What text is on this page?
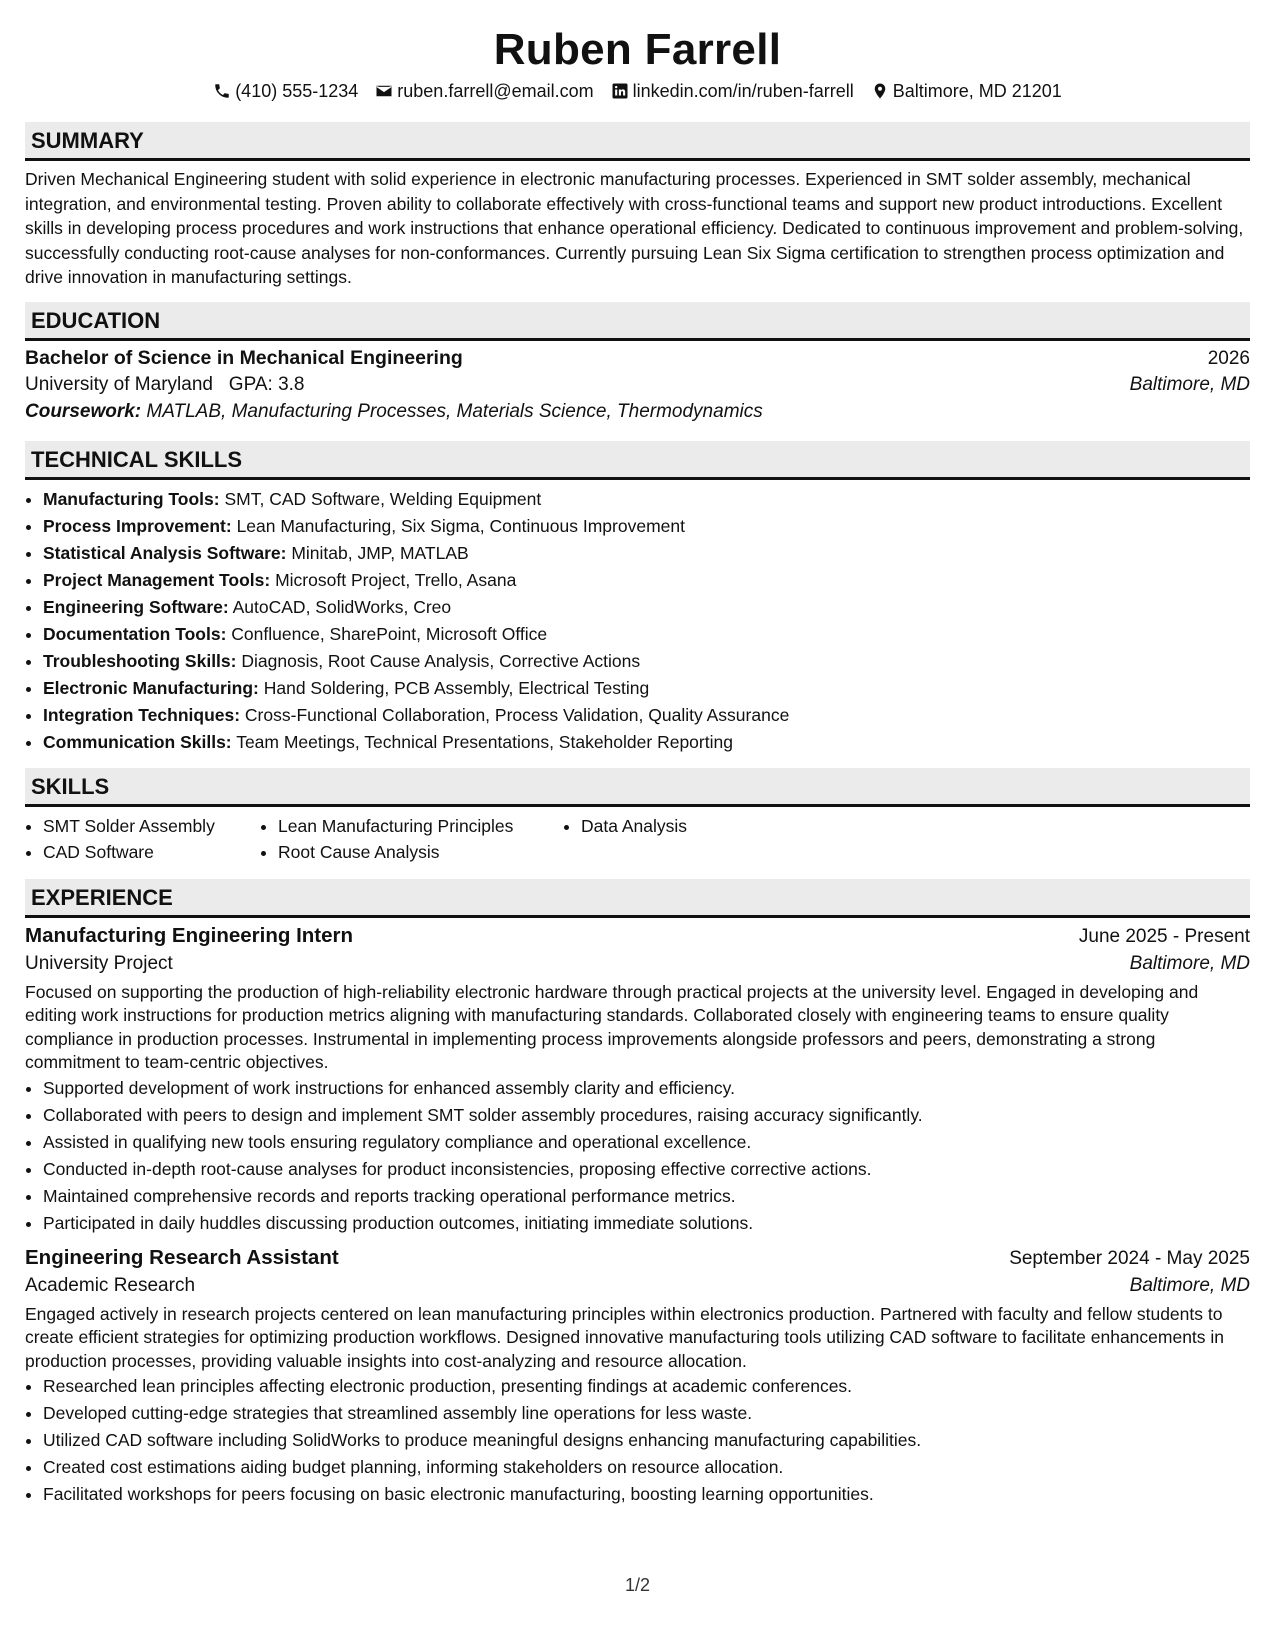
Ruben Farrell
(410) 555-1234 ruben.farrell@email.com linkedin.com/in/ruben-farrell Baltimore, MD 21201
SUMMARY

Driven Mechanical Engineering student with solid experience in electronic manufacturing processes. Experienced in SMT solder assembly, mechanical integration, and environmental testing. Proven ability to collaborate effectively with cross-functional teams and support new product introductions. Excellent skills in developing process procedures and work instructions that enhance operational efficiency. Dedicated to continuous improvement and problem-solving, successfully conducting root-cause analyses for non-conformances. Currently pursuing Lean Six Sigma certification to strengthen process optimization and drive innovation in manufacturing settings.

EDUCATION
Bachelor of Science in Mechanical Engineering	2026
University of Maryland GPA: 3.8	Baltimore, MD
Coursework: MATLAB, Manufacturing Processes, Materials Science, Thermodynamics
TECHNICAL SKILLS
• Manufacturing Tools: SMT, CAD Software, Welding Equipment
• Process Improvement: Lean Manufacturing, Six Sigma, Continuous Improvement
• Statistical Analysis Software: Minitab, JMP, MATLAB
• Project Management Tools: Microsoft Project, Trello, Asana
• Engineering Software: AutoCAD, SolidWorks, Creo
• Documentation Tools: Confluence, SharePoint, Microsoft Office
• Troubleshooting Skills: Diagnosis, Root Cause Analysis, Corrective Actions
• Electronic Manufacturing: Hand Soldering, PCB Assembly, Electrical Testing
• Integration Techniques: Cross-Functional Collaboration, Process Validation, Quality Assurance
• Communication Skills: Team Meetings, Technical Presentations, Stakeholder Reporting
SKILLS
• SMT Solder Assembly
• CAD Software
• Lean Manufacturing Principles
• Root Cause Analysis
• Data Analysis
EXPERIENCE
Manufacturing Engineering Intern	June 2025 - Present
University Project	Baltimore, MD

Focused on supporting the production of high-reliability electronic hardware through practical projects at the university level. Engaged in developing and editing work instructions for production metrics aligning with manufacturing standards. Collaborated closely with engineering teams to ensure quality compliance in production processes. Instrumental in implementing process improvements alongside professors and peers, demonstrating a strong commitment to team-centric objectives.

• Supported development of work instructions for enhanced assembly clarity and efficiency.
• Collaborated with peers to design and implement SMT solder assembly procedures, raising accuracy significantly.
• Assisted in qualifying new tools ensuring regulatory compliance and operational excellence.
• Conducted in-depth root-cause analyses for product inconsistencies, proposing effective corrective actions.
• Maintained comprehensive records and reports tracking operational performance metrics.
• Participated in daily huddles discussing production outcomes, initiating immediate solutions.
Engineering Research Assistant	September 2024 - May 2025
Academic Research	Baltimore, MD

Engaged actively in research projects centered on lean manufacturing principles within electronics production. Partnered with faculty and fellow students to create efficient strategies for optimizing production workflows. Designed innovative manufacturing tools utilizing CAD software to facilitate enhancements in production processes, providing valuable insights into cost-analyzing and resource allocation.

• Researched lean principles affecting electronic production, presenting findings at academic conferences.
• Developed cutting-edge strategies that streamlined assembly line operations for less waste.
• Utilized CAD software including SolidWorks to produce meaningful designs enhancing manufacturing capabilities.
• Created cost estimations aiding budget planning, informing stakeholders on resource allocation.
• Facilitated workshops for peers focusing on basic electronic manufacturing, boosting learning opportunities.
1/2
